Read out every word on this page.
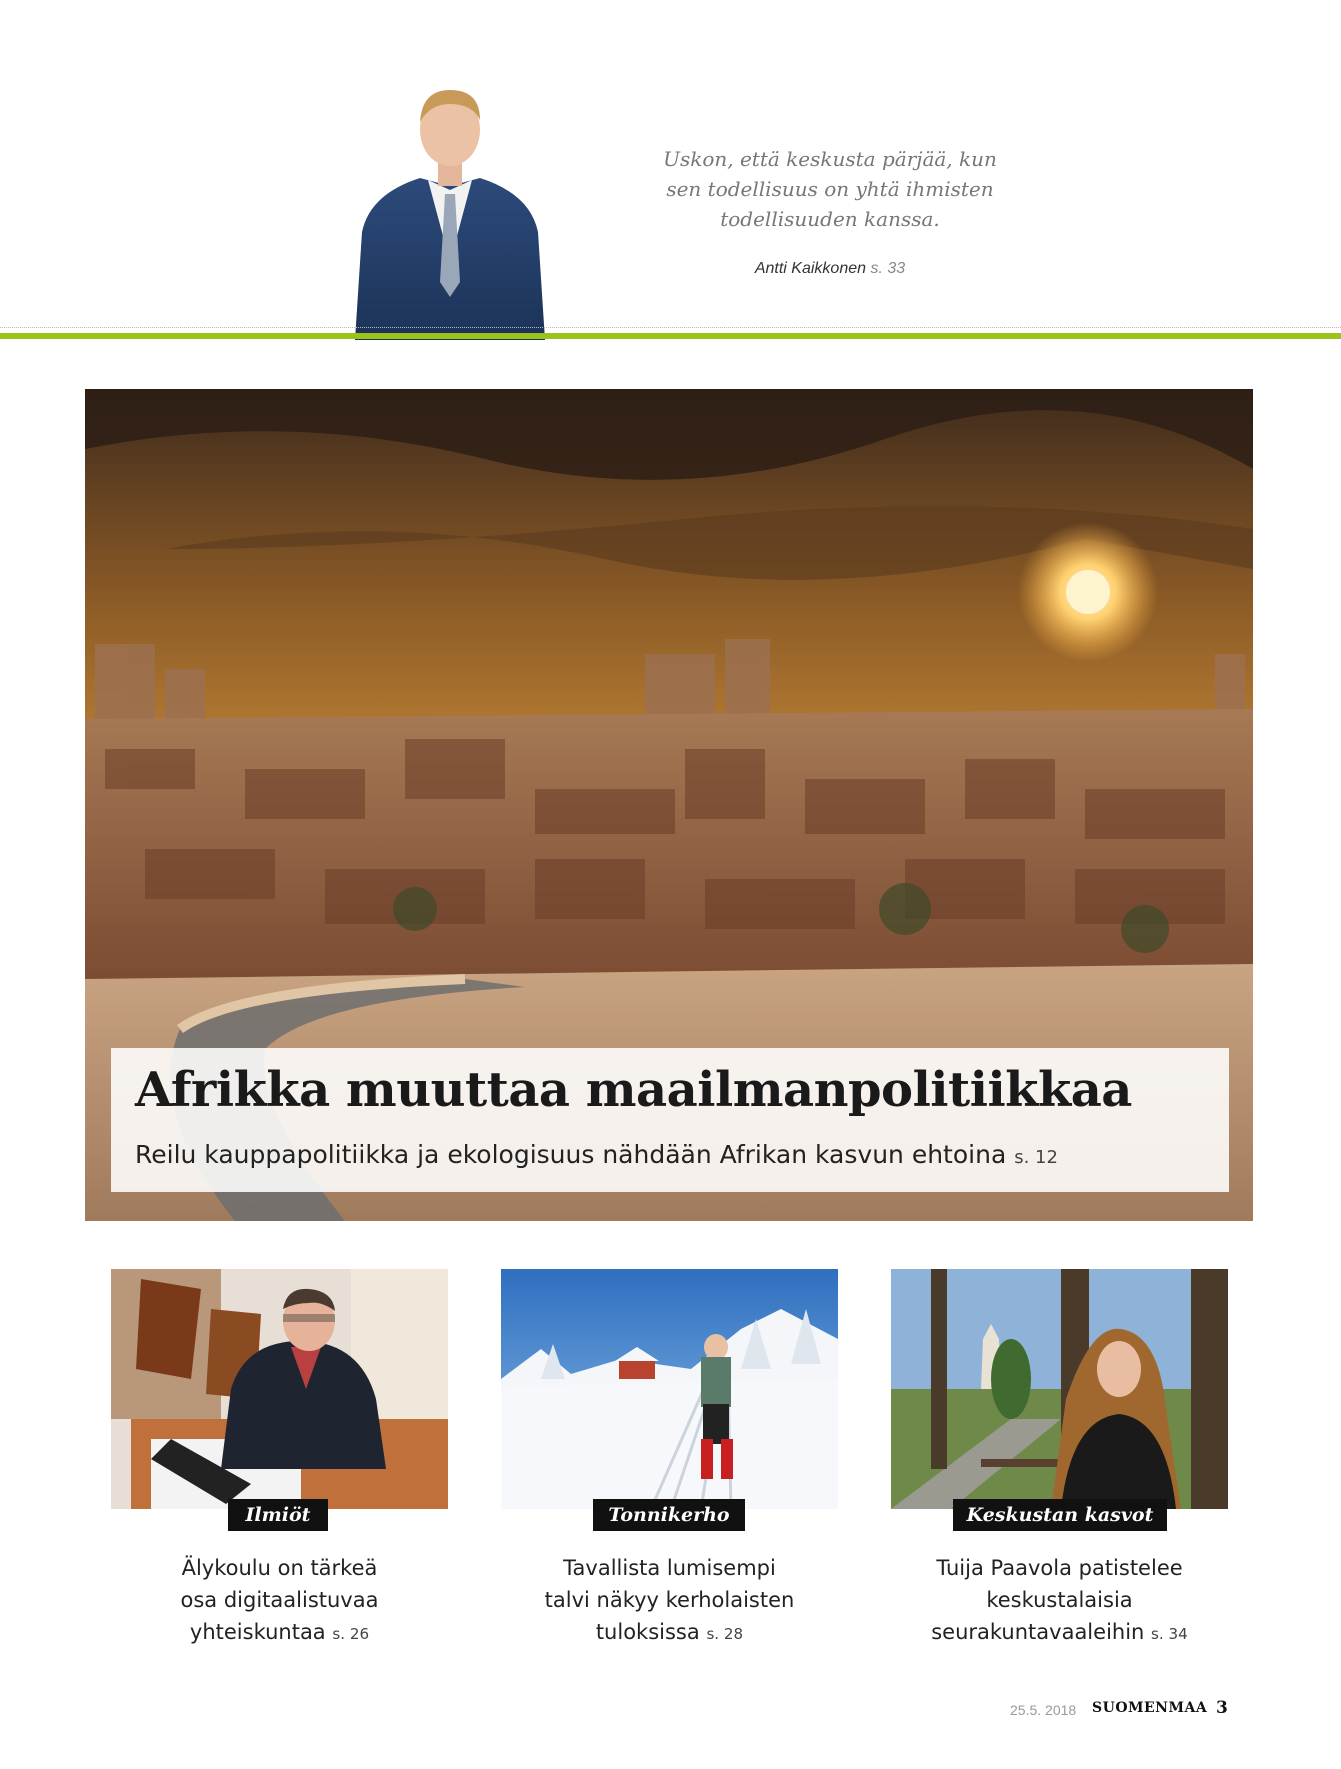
Uskon, että keskusta pärjää, kun
sen todellisuus on yhtä ihmisten
todellisuuden kanssa.
Antti Kaikkonen s. 33
Afrikka muuttaa maailmanpolitiikkaa
Reilu kauppapolitiikka ja ekologisuus nähdään Afrikan kasvun ehtoina s. 12
Ilmiöt
Älykoulu on tärkeä
osa digitaalistuvaa
yhteiskuntaa s. 26
Tonnikerho
Tavallista lumisempi
talvi näkyy kerholaisten
tuloksissa s. 28
Keskustan kasvot
Tuija Paavola patistelee
keskustalaisia
seurakuntavaaleihin s. 34
25.5. 2018 SUOMENMAA 3
